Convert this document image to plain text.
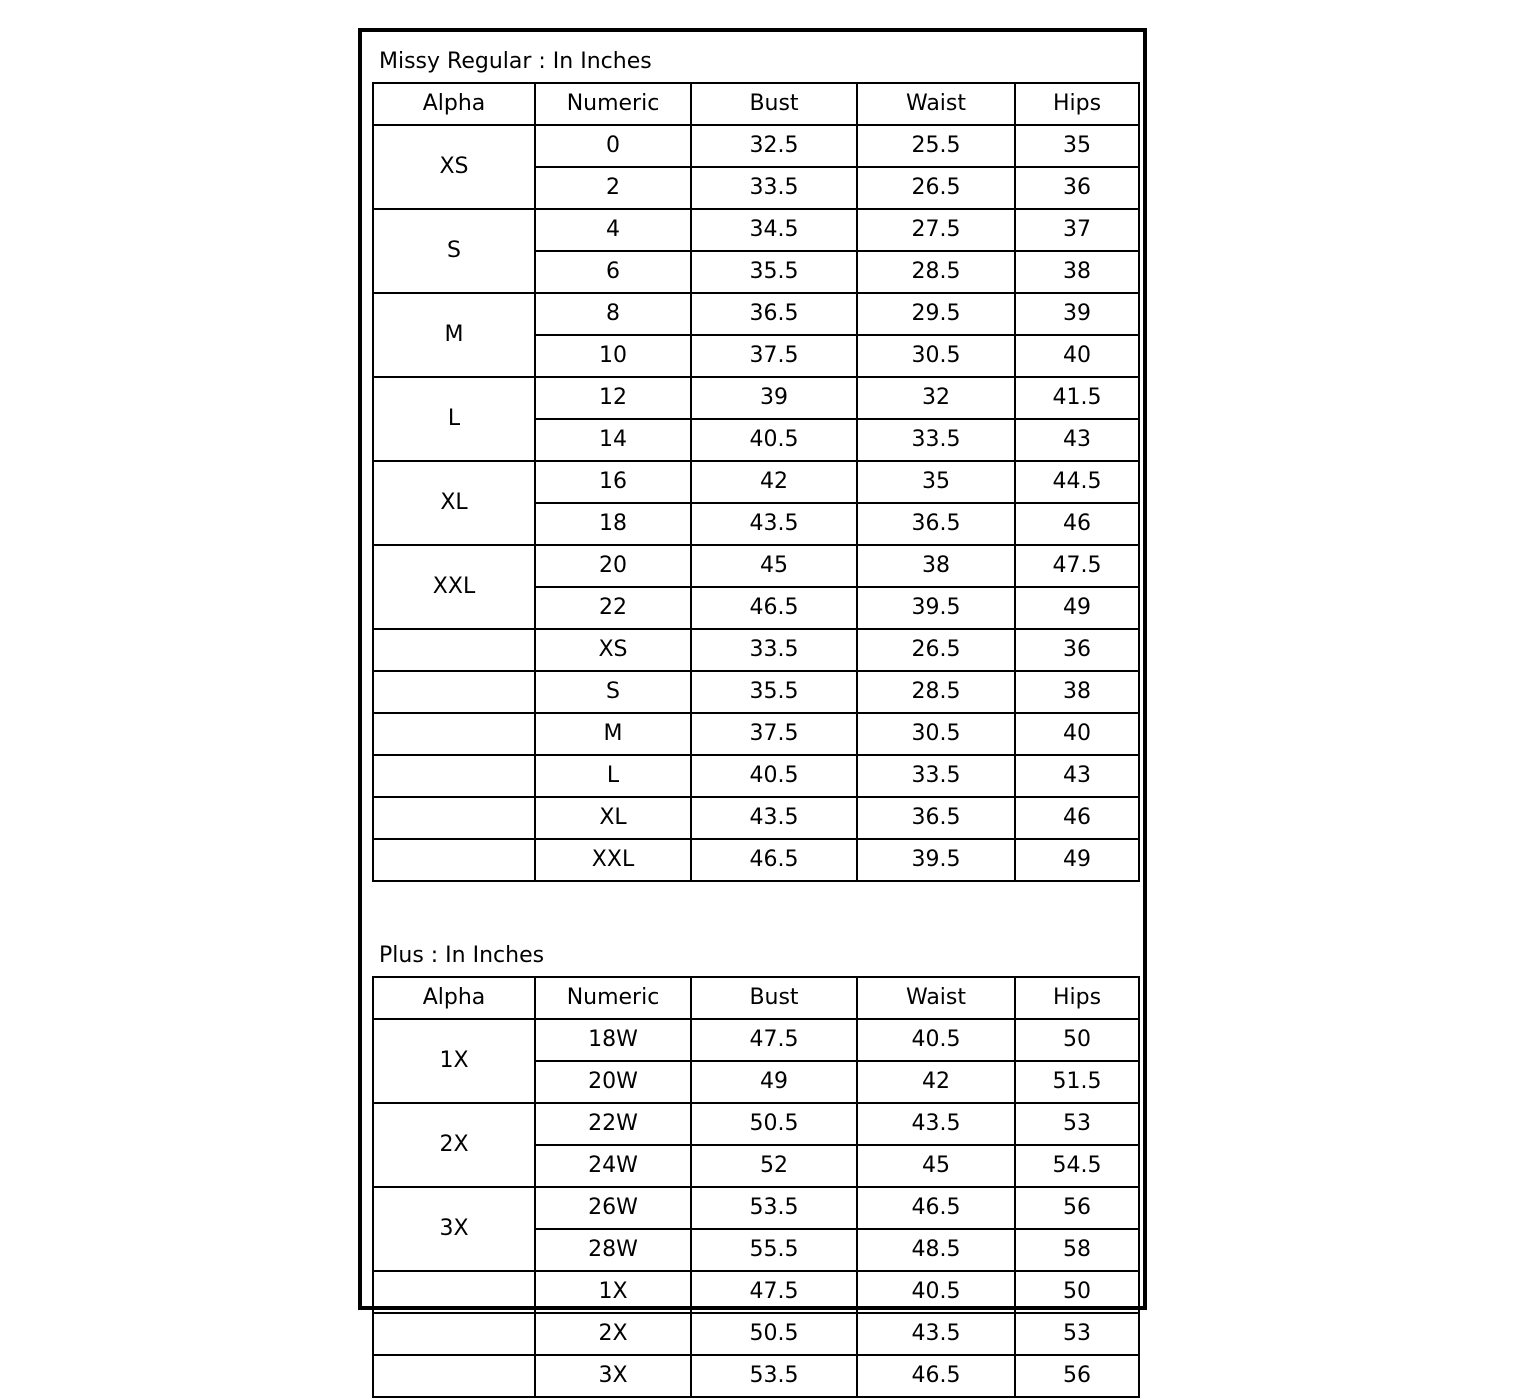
Missy Regular : In Inches				
Alpha	Numeric	Bust	Waist	Hips
XS	0	32.5	25.5	35
	2	33.5	26.5	36
S	4	34.5	27.5	37
	6	35.5	28.5	38
M	8	36.5	29.5	39
	10	37.5	30.5	40
L	12	39	32	41.5
	14	40.5	33.5	43
XL	16	42	35	44.5
	18	43.5	36.5	46
XXL	20	45	38	47.5
	22	46.5	39.5	49
	XS	33.5	26.5	36
	S	35.5	28.5	38
	M	37.5	30.5	40
	L	40.5	33.5	43
	XL	43.5	36.5	46
	XXL	46.5	39.5	49
Plus : In Inches				
Alpha	Numeric	Bust	Waist	Hips
1X	18W	47.5	40.5	50
	20W	49	42	51.5
2X	22W	50.5	43.5	53
	24W	52	45	54.5
3X	26W	53.5	46.5	56
	28W	55.5	48.5	58
	1X	47.5	40.5	50
	2X	50.5	43.5	53
	3X	53.5	46.5	56
